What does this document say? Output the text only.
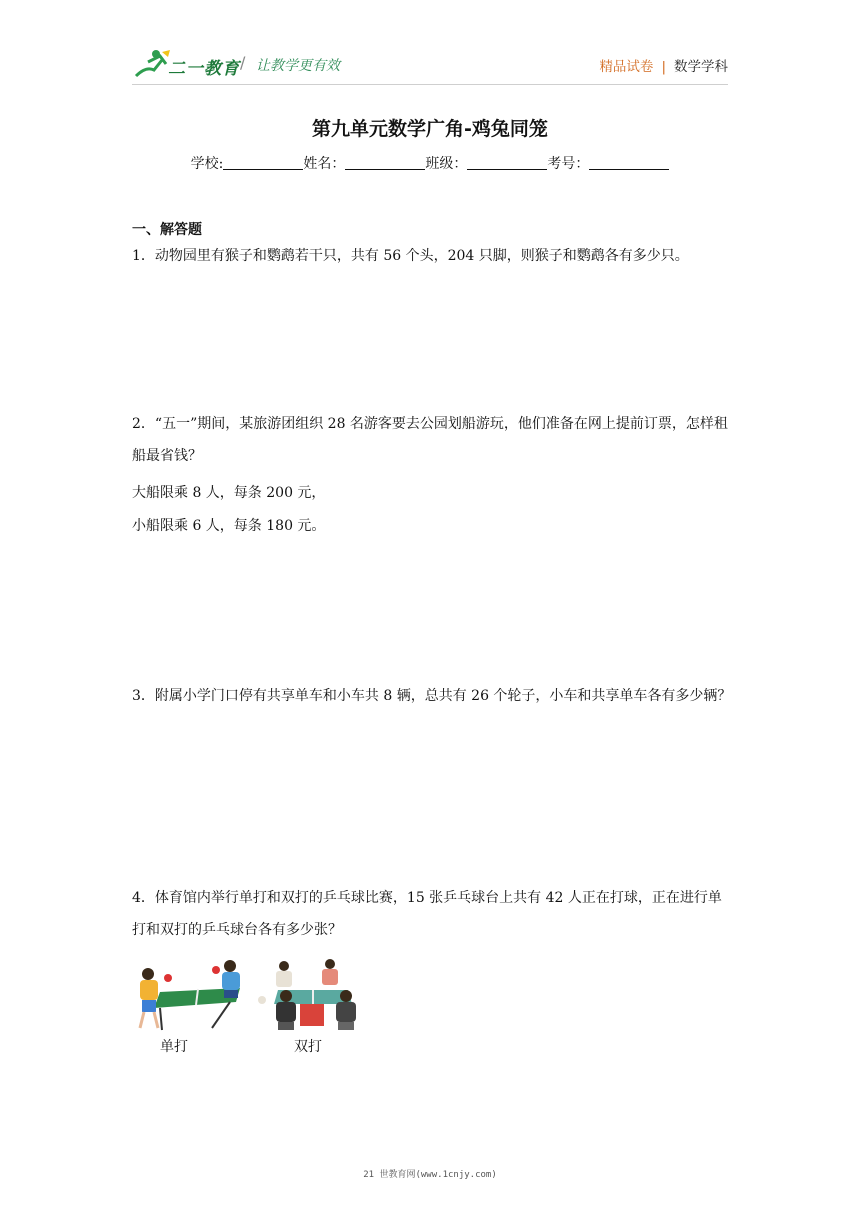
二一教育 / 让教学更有效	精品试卷 | 数学学科
第九单元数学广角-鸡兔同笼
学校:	姓名：	班级：	考号：
一、解答题
1．动物园里有猴子和鹦鹉若干只，共有 56 个头，204 只脚，则猴子和鹦鹉各有多少只。
2．“五一”期间，某旅游团组织 28 名游客要去公园划船游玩，他们准备在网上提前订票，怎样租船最省钱？
大船限乘 8 人，每条 200 元，
小船限乘 6 人，每条 180 元。
3．附属小学门口停有共享单车和小车共 8 辆，总共有 26 个轮子，小车和共享单车各有多少辆？
4．体育馆内举行单打和双打的乒乓球比赛，15 张乒乓球台上共有 42 人正在打球，正在进行单打和双打的乒乓球台各有多少张？
单打	双打
21 世教育网(www.1cnjy.com)
